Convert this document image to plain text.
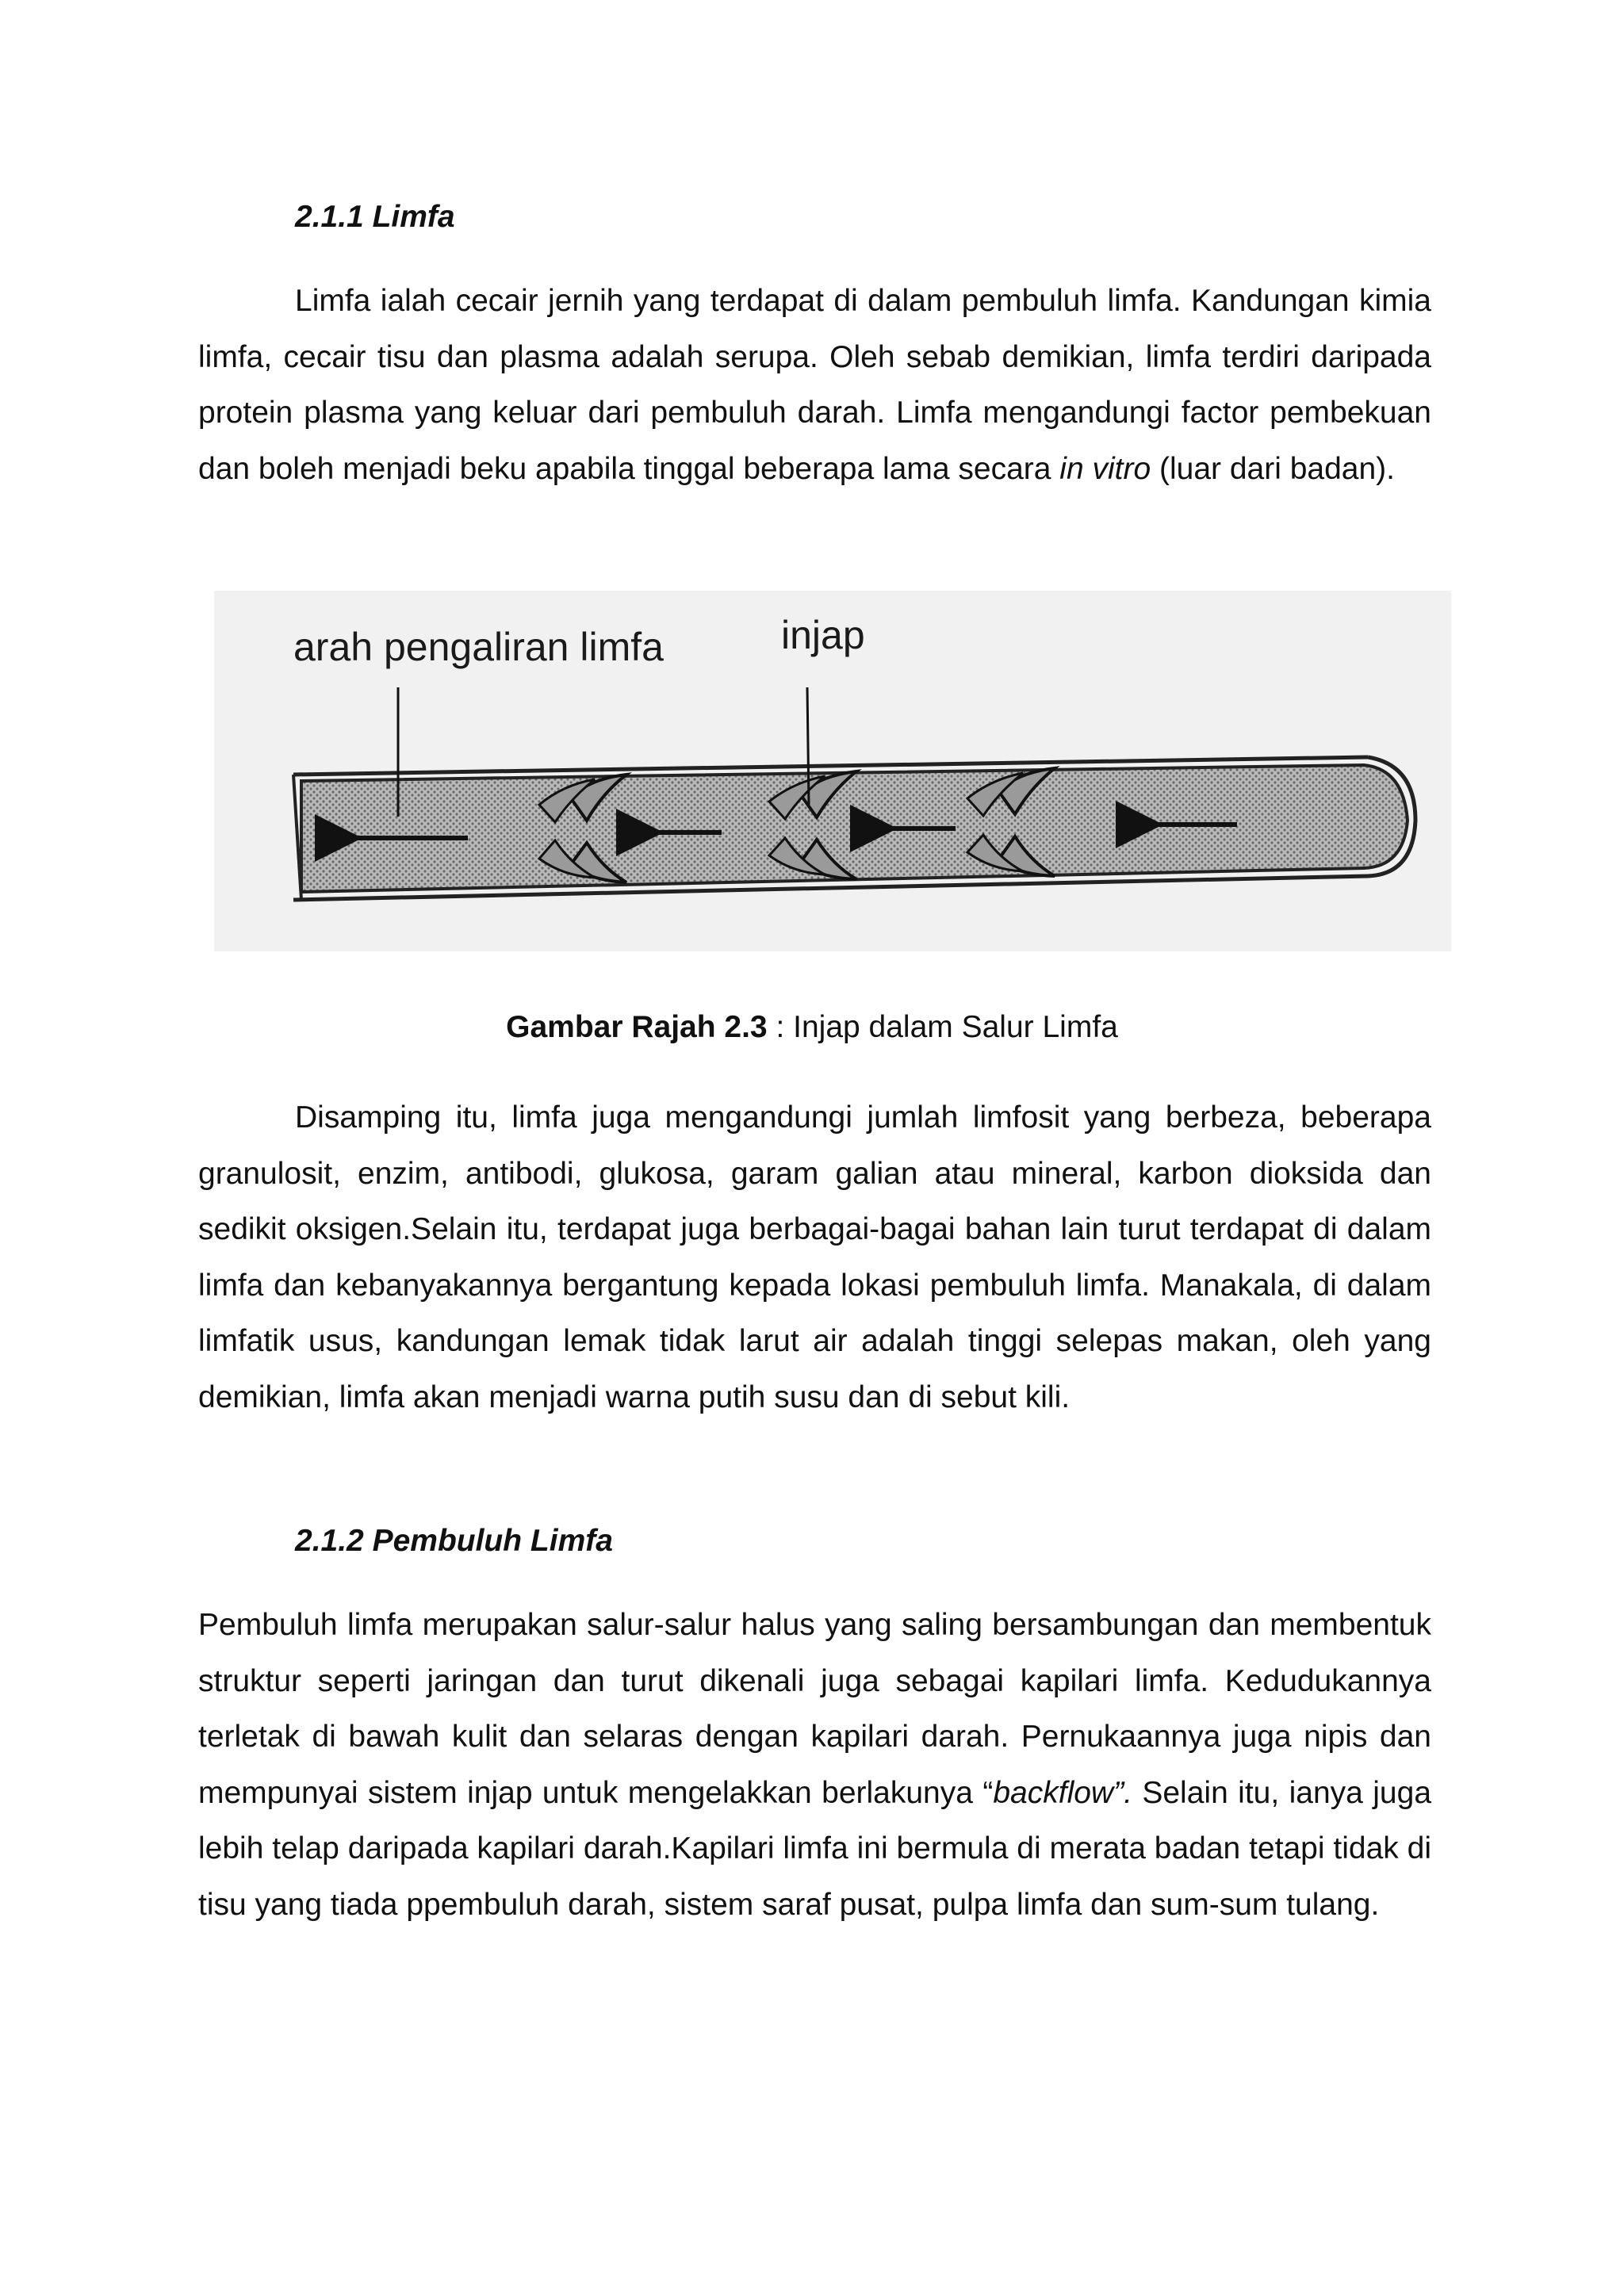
2.1.1 Limfa

Limfa ialah cecair jernih yang terdapat di dalam pembuluh limfa. Kandungan kimia limfa, cecair tisu dan plasma adalah serupa. Oleh sebab demikian, limfa terdiri daripada protein plasma yang keluar dari pembuluh darah. Limfa mengandungi factor pembekuan dan boleh menjadi beku apabila tinggal beberapa lama secara in vitro (luar dari badan).

arah pengaliran limfa	injap

Gambar Rajah 2.3 : Injap dalam Salur Limfa

Disamping itu, limfa juga mengandungi jumlah limfosit yang berbeza, beberapa granulosit, enzim, antibodi, glukosa, garam galian atau mineral, karbon dioksida dan sedikit oksigen.Selain itu, terdapat juga berbagai-bagai bahan lain turut terdapat di dalam limfa dan kebanyakannya bergantung kepada lokasi pembuluh limfa. Manakala, di dalam limfatik usus, kandungan lemak tidak larut air adalah tinggi selepas makan, oleh yang demikian, limfa akan menjadi warna putih susu dan di sebut kili.

2.1.2 Pembuluh Limfa

Pembuluh limfa merupakan salur-salur halus yang saling bersambungan dan membentuk struktur seperti jaringan dan turut dikenali juga sebagai kapilari limfa. Kedudukannya terletak di bawah kulit dan selaras dengan kapilari darah. Pernukaannya juga nipis dan mempunyai sistem injap untuk mengelakkan berlakunya “backflow”. Selain itu, ianya juga lebih telap daripada kapilari darah.Kapilari limfa ini bermula di merata badan tetapi tidak di tisu yang tiada ppembuluh darah, sistem saraf pusat, pulpa limfa dan sum-sum tulang.
